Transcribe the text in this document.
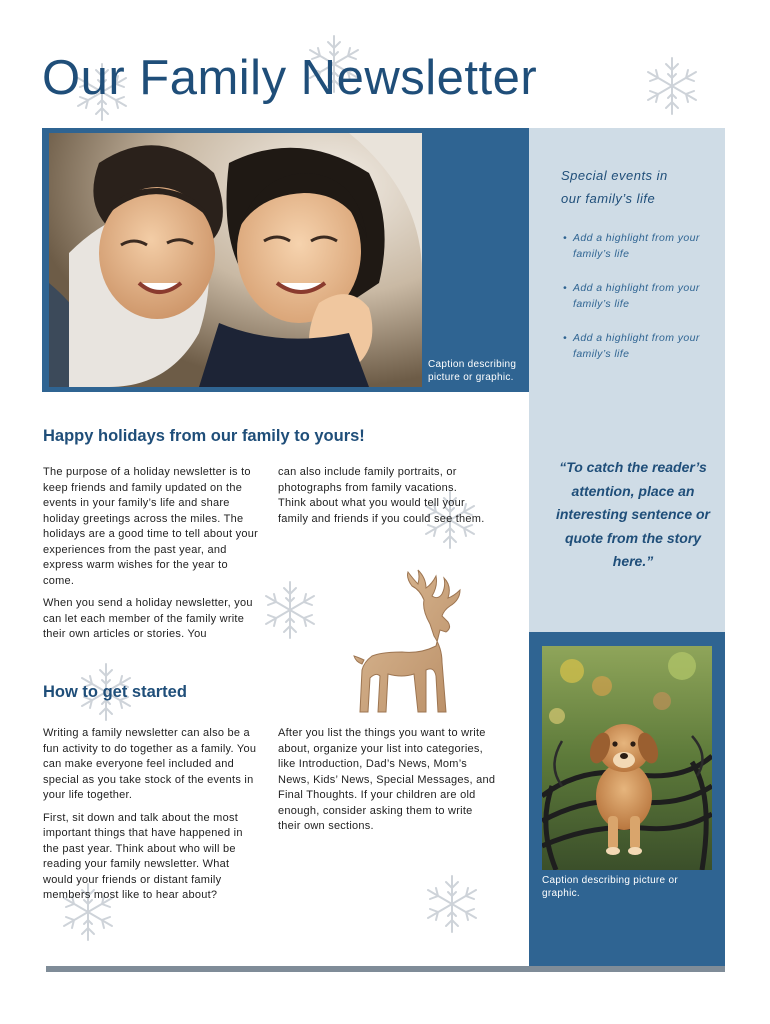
Our Family Newsletter
Caption describing picture or graphic.
Special events in
our family’s life
• Add a highlight from your family’s life
• Add a highlight from your family’s life
• Add a highlight from your family’s life
“To catch the reader’s attention, place an interesting sentence or quote from the story here.”
Happy holidays from our family to yours!

The purpose of a holiday newsletter is to keep friends and family updated on the events in your family’s life and share holiday greetings across the miles. The holidays are a good time to tell about your experiences from the past year, and express warm wishes for the year to come.

When you send a holiday newsletter, you can let each member of the family write their own articles or stories. You

can also include family portraits, or photographs from family vacations. Think about what you would tell your family and friends if you could see them.

How to get started

Writing a family newsletter can also be a fun activity to do together as a family. You can make everyone feel included and special as you take stock of the events in your life together.

First, sit down and talk about the most important things that have happened in the past year. Think about who will be reading your family newsletter. What would your friends or distant family members most like to hear about?

After you list the things you want to write about, organize your list into categories, like Introduction, Dad’s News, Mom’s News, Kids’ News, Special Messages, and Final Thoughts. If your children are old enough, consider asking them to write their own sections.

Caption describing picture or graphic.
